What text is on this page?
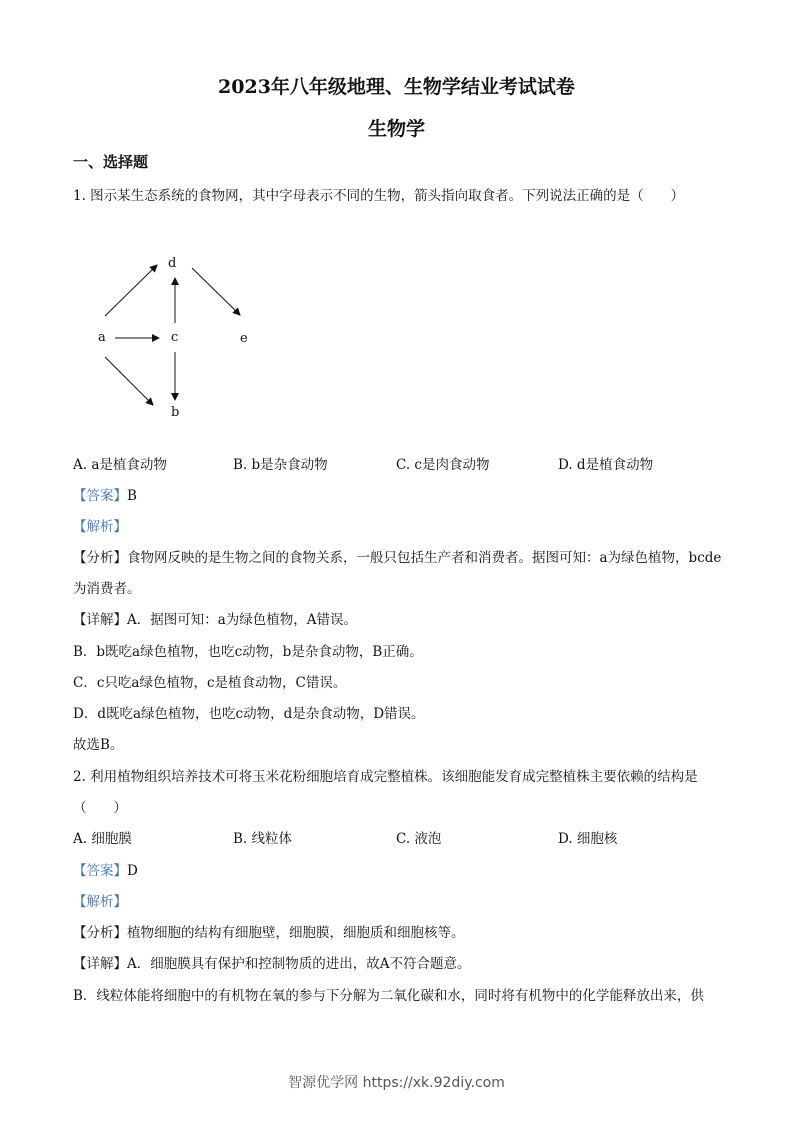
2023年八年级地理、生物学结业考试试卷
生物学
一、选择题
1. 图示某生态系统的食物网，其中字母表示不同的生物，箭头指向取食者。下列说法正确的是（　　）
d
a	c	e
b
A. a是植食动物	B. b是杂食动物	C. c是肉食动物	D. d是植食动物
【答案】B
【解析】
【分析】食物网反映的是生物之间的食物关系，一般只包括生产者和消费者。据图可知：a为绿色植物，bcde
为消费者。
【详解】A．据图可知：a为绿色植物，A错误。
B．b既吃a绿色植物，也吃c动物，b是杂食动物，B正确。
C．c只吃a绿色植物，c是植食动物，C错误。
D．d既吃a绿色植物，也吃c动物，d是杂食动物，D错误。
故选B。
2. 利用植物组织培养技术可将玉米花粉细胞培育成完整植株。该细胞能发育成完整植株主要依赖的结构是
（　　）
A. 细胞膜	B. 线粒体	C. 液泡	D. 细胞核
【答案】D
【解析】
【分析】植物细胞的结构有细胞壁，细胞膜，细胞质和细胞核等。
【详解】A．细胞膜具有保护和控制物质的进出，故A不符合题意。
B．线粒体能将细胞中的有机物在氧的参与下分解为二氧化碳和水，同时将有机物中的化学能释放出来，供
智源优学网 https://xk.92diy.com
